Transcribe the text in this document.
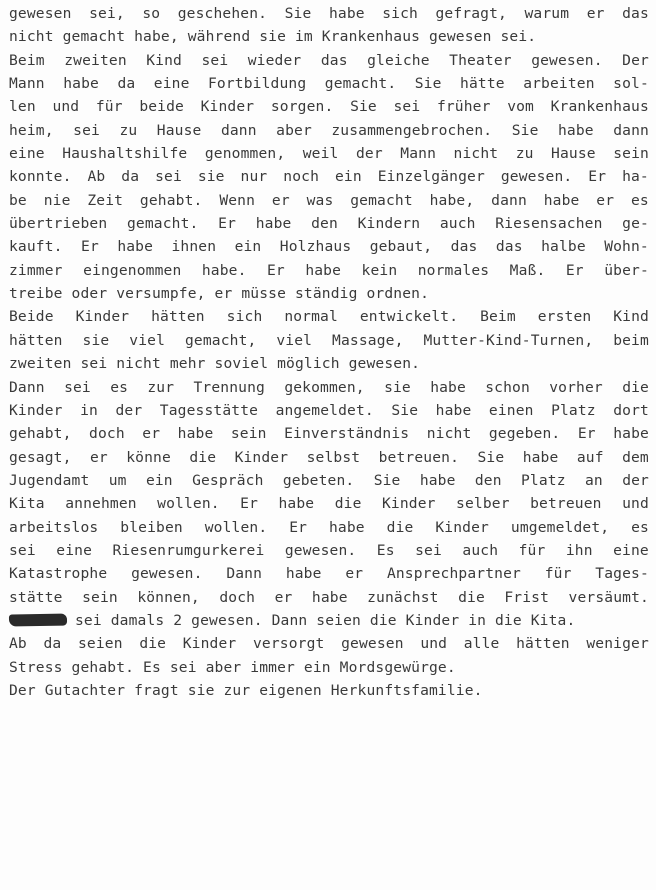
gewesen sei, so geschehen. Sie habe sich gefragt, warum er das
nicht gemacht habe, während sie im Krankenhaus gewesen sei.
Beim zweiten Kind sei wieder das gleiche Theater gewesen. Der
Mann habe da eine Fortbildung gemacht. Sie hätte arbeiten sol-
len und für beide Kinder sorgen. Sie sei früher vom Krankenhaus
heim, sei zu Hause dann aber zusammengebrochen. Sie habe dann
eine Haushaltshilfe genommen, weil der Mann nicht zu Hause sein
konnte. Ab da sei sie nur noch ein Einzelgänger gewesen. Er ha-
be nie Zeit gehabt. Wenn er was gemacht habe, dann habe er es
übertrieben gemacht. Er habe den Kindern auch Riesensachen ge-
kauft. Er habe ihnen ein Holzhaus gebaut, das das halbe Wohn-
zimmer eingenommen habe. Er habe kein normales Maß. Er über-
treibe oder versumpfe, er müsse ständig ordnen.
Beide Kinder hätten sich normal entwickelt. Beim ersten Kind
hätten sie viel gemacht, viel Massage, Mutter-Kind-Turnen, beim
zweiten sei nicht mehr soviel möglich gewesen.
Dann sei es zur Trennung gekommen, sie habe schon vorher die
Kinder in der Tagesstätte angemeldet. Sie habe einen Platz dort
gehabt, doch er habe sein Einverständnis nicht gegeben. Er habe
gesagt, er könne die Kinder selbst betreuen. Sie habe auf dem
Jugendamt um ein Gespräch gebeten. Sie habe den Platz an der
Kita annehmen wollen. Er habe die Kinder selber betreuen und
arbeitslos bleiben wollen. Er habe die Kinder umgemeldet, es
sei eine Riesenrumgurkerei gewesen. Es sei auch für ihn eine
Katastrophe gewesen. Dann habe er Ansprechpartner für Tages-
stätte sein können, doch er habe zunächst die Frist versäumt.
sei damals 2 gewesen. Dann seien die Kinder in die Kita.
Ab da seien die Kinder versorgt gewesen und alle hätten weniger
Stress gehabt. Es sei aber immer ein Mordsgewürge.
Der Gutachter fragt sie zur eigenen Herkunftsfamilie.
